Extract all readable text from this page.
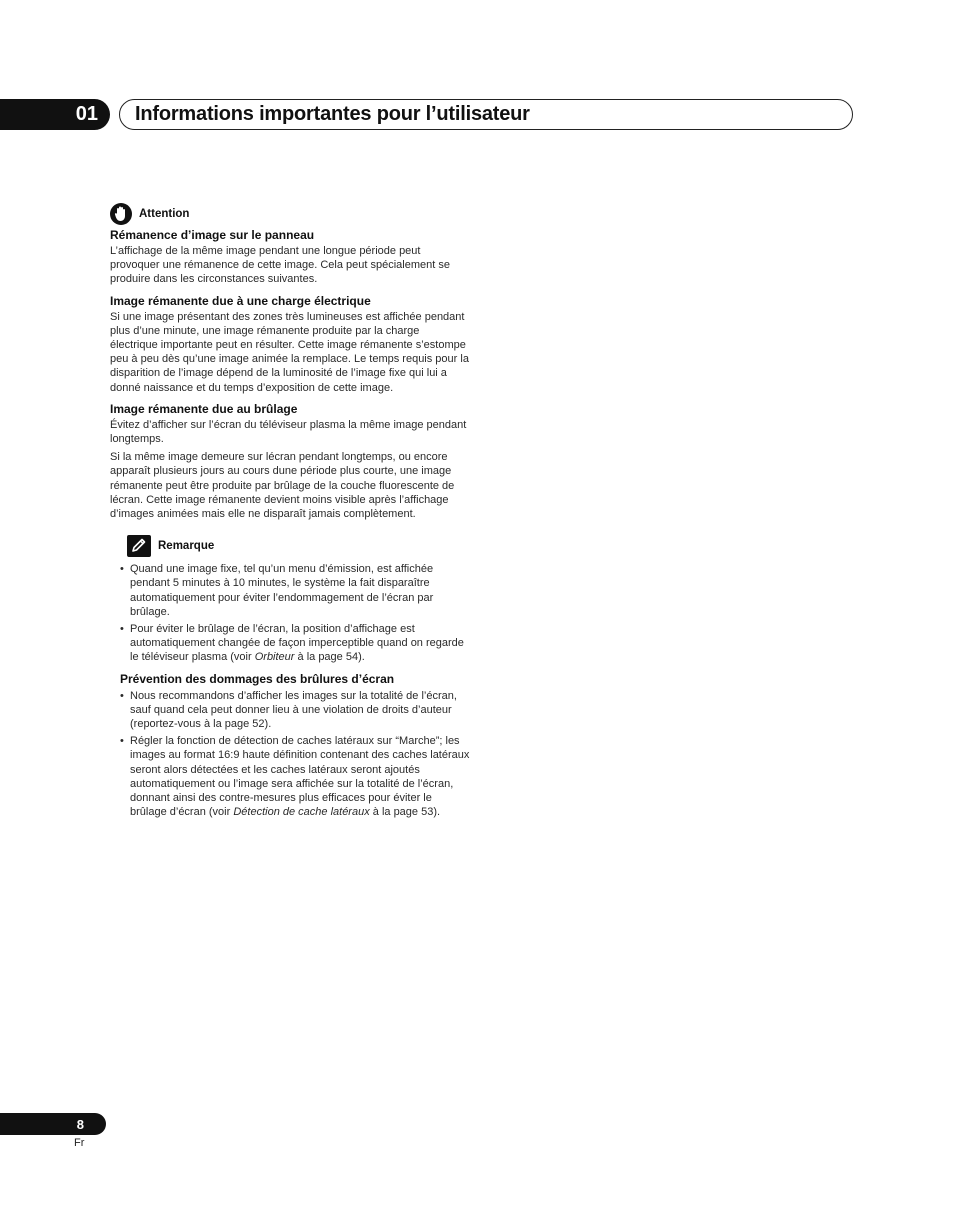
01 Informations importantes pour l’utilisateur
Attention
Rémanence d’image sur le panneau

L’affichage de la même image pendant une longue période peut provoquer une rémanence de cette image. Cela peut spécialement se produire dans les circonstances suivantes.

Image rémanente due à une charge électrique

Si une image présentant des zones très lumineuses est affichée pendant plus d’une minute, une image rémanente produite par la charge électrique importante peut en résulter. Cette image rémanente s’estompe peu à peu dès qu’une image animée la remplace. Le temps requis pour la disparition de l’image dépend de la luminosité de l’image fixe qui lui a donné naissance et du temps d’exposition de cette image.

Image rémanente due au brûlage

Évitez d’afficher sur l’écran du téléviseur plasma la même image pendant longtemps.

Si la même image demeure sur lécran pendant longtemps, ou encore apparaît plusieurs jours au cours dune période plus courte, une image rémanente peut être produite par brûlage de la couche fluorescente de lécran. Cette image rémanente devient moins visible après l’affichage d’images animées mais elle ne disparaît jamais complètement.

Remarque
• Quand une image fixe, tel qu’un menu d’émission, est affichée pendant 5 minutes à 10 minutes, le système la fait disparaître automatiquement pour éviter l’endommagement de l’écran par brûlage.
• Pour éviter le brûlage de l’écran, la position d’affichage est automatiquement changée de façon imperceptible quand on regarde le téléviseur plasma (voir Orbiteur à la page 54).
Prévention des dommages des brûlures d’écran
• Nous recommandons d’afficher les images sur la totalité de l’écran, sauf quand cela peut donner lieu à une violation de droits d’auteur (reportez-vous à la page 52).
• Régler la fonction de détection de caches latéraux sur “Marche”; les images au format 16:9 haute définition contenant des caches latéraux seront alors détectées et les caches latéraux seront ajoutés automatiquement ou l’image sera affichée sur la totalité de l’écran, donnant ainsi des contre-mesures plus efficaces pour éviter le brûlage d’écran (voir Détection de cache latéraux à la page 53).
8
Fr
